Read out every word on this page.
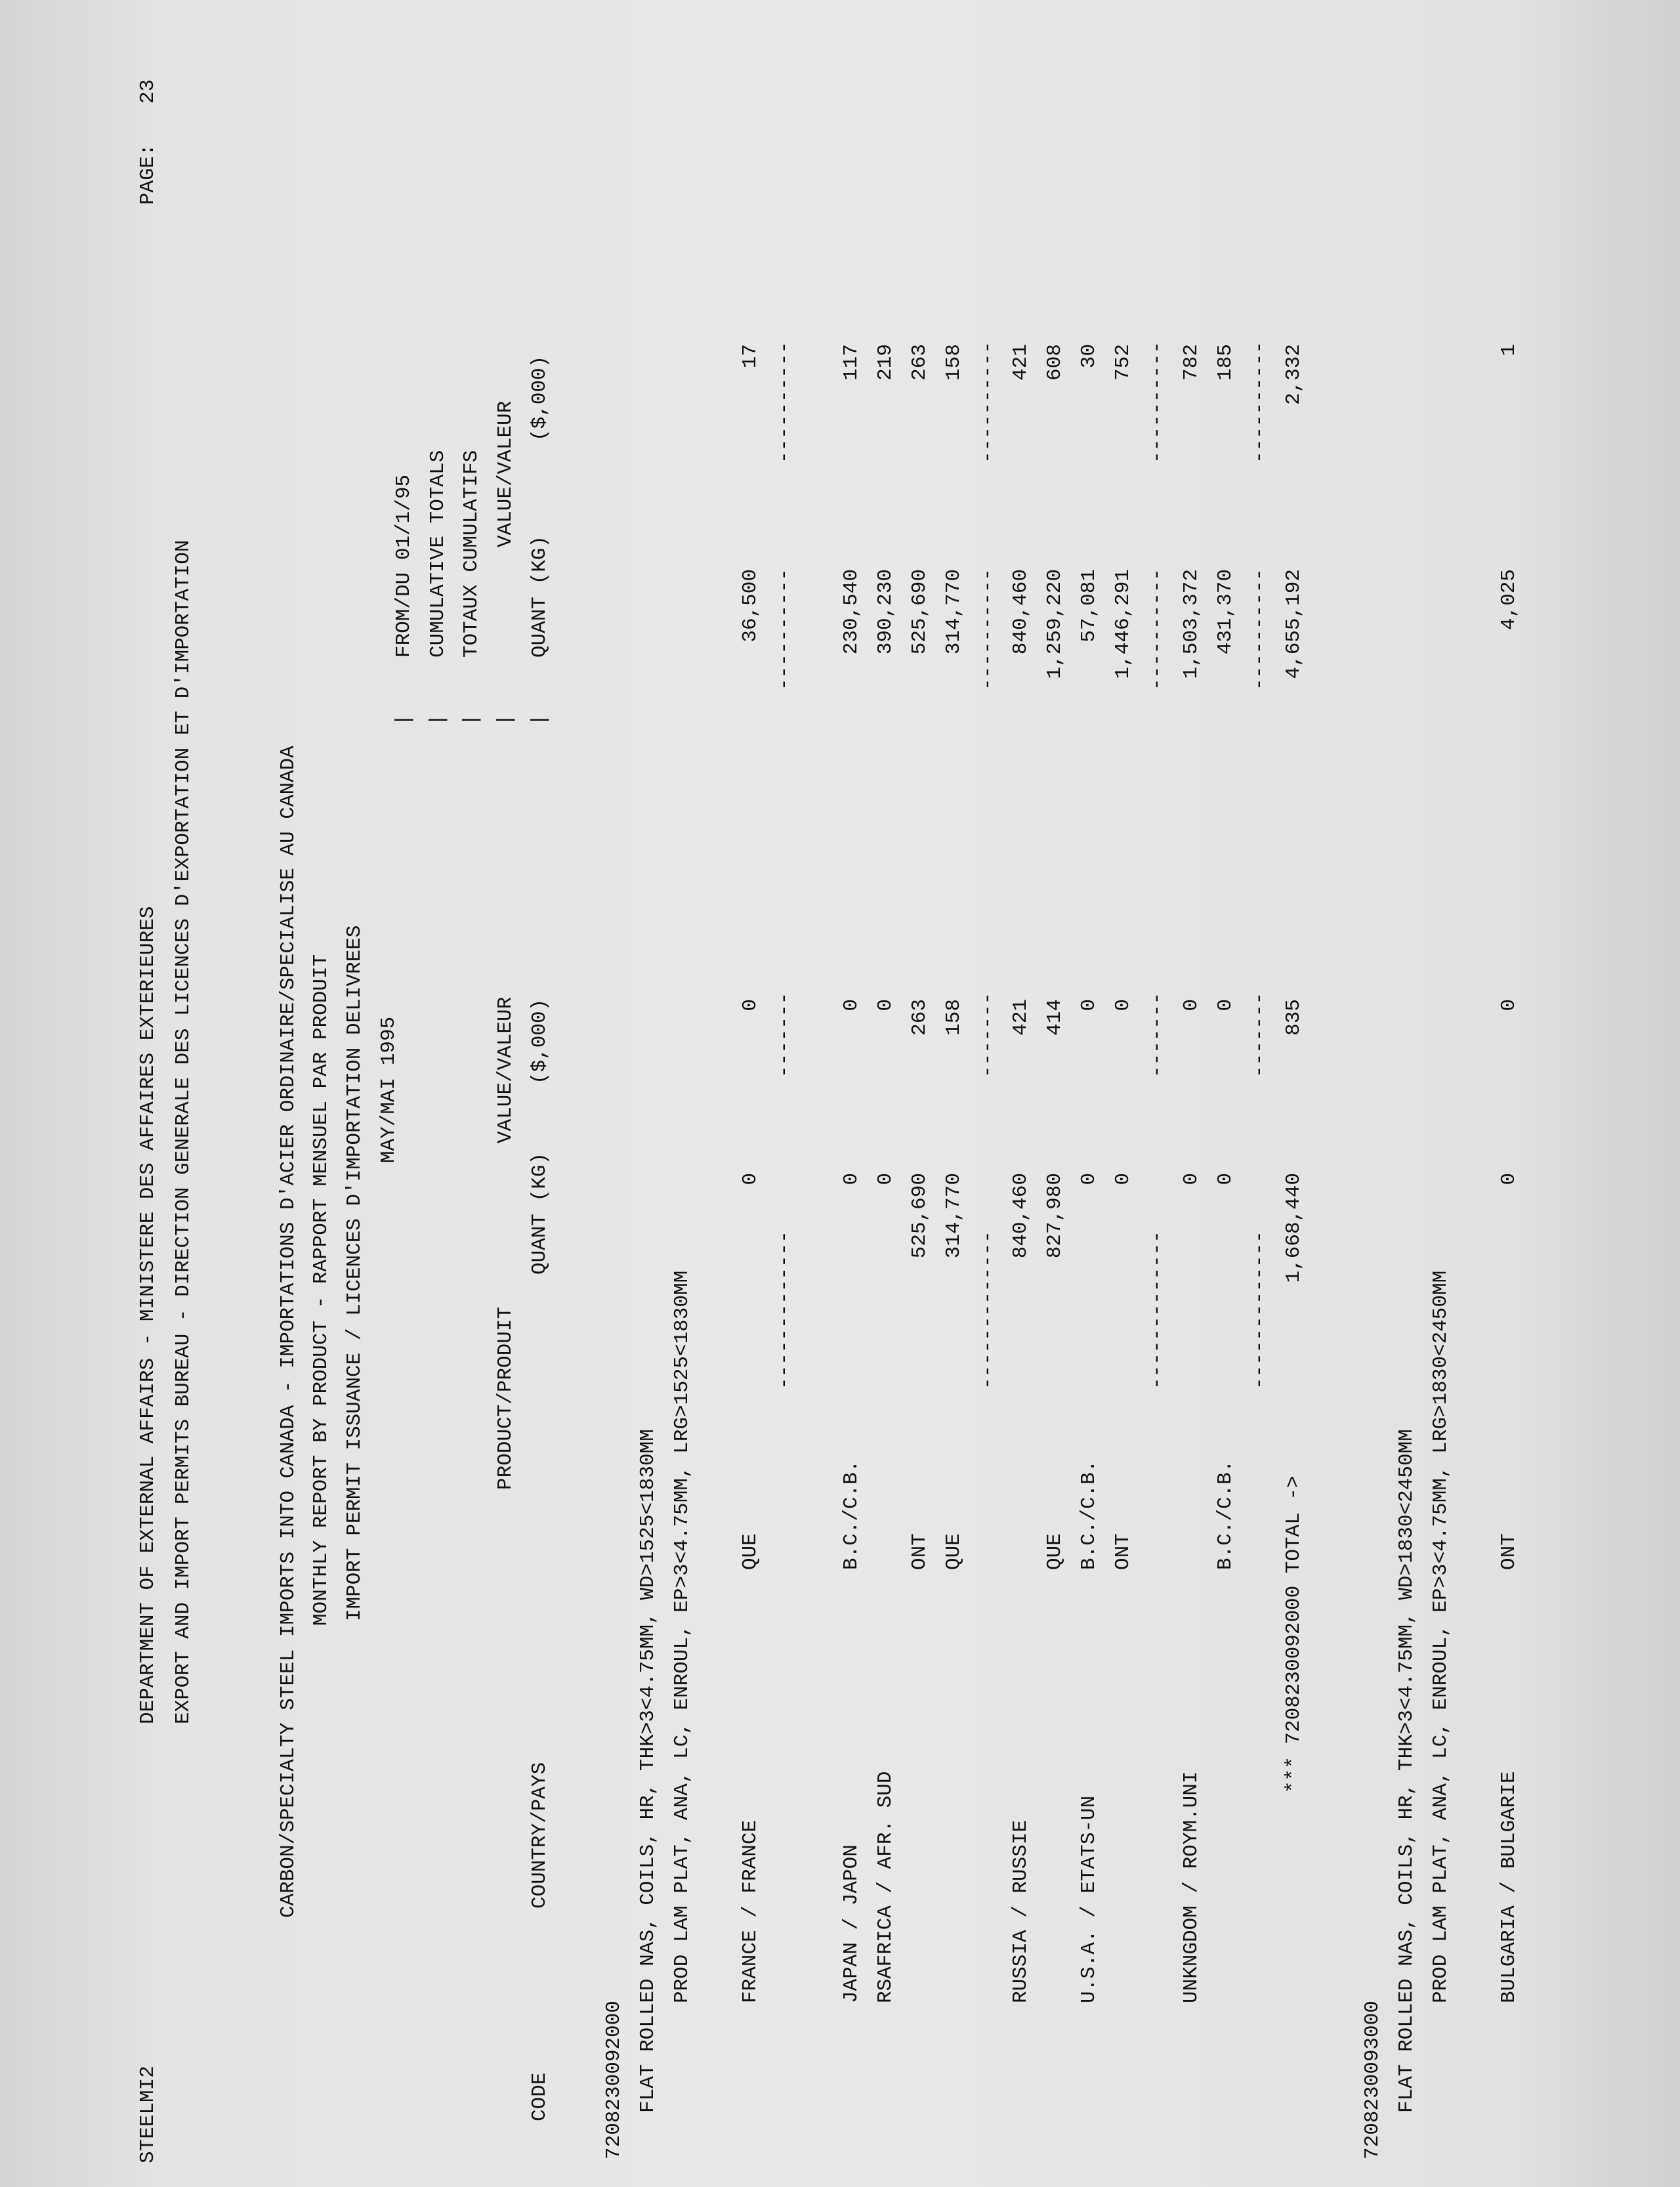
STEELMI2

DEPARTMENT OF EXTERNAL AFFAIRS - MINISTERE DES AFFAIRES EXTERIEURES

PAGE:

23

EXPORT AND IMPORT PERMITS BUREAU - DIRECTION GENERALE DES LICENCES D'EXPORTATION ET D'IMPORTATION

	CARBON/SPECIALTY STEEL IMPORTS INTO CANADA - IMPORTATIONS D'ACIER ORDINAIRE/SPECIALISE AU CANADA

MONTHLY REPORT BY PRODUCT - RAPPORT MENSUEL PAR PRODUIT

IMPORT PERMIT ISSUANCE / LICENCES D'IMPORTATION DELIVREES

MAY/MAI 1995

FROM/DU 01/1/95

CUMULATIVE TOTALS

TOTAUX CUMULATIFS

|

|

|

|

|

PRODUCT/PRODUIT

VALUE/VALEUR

VALUE/VALEUR

CODE

COUNTRY/PAYS

QUANT (KG)

($,000)

QUANT (KG)

($,000)

7208230092000

FLAT ROLLED NAS, COILS, HR, THK>3<4.75MM, WD>1525<1830MM

PROD LAM PLAT, ANA, LC, ENROUL, EP>3<4.75MM, LRG>1525<1830MM

FRANCE / FRANCE
QUE
0
0
36,500
17
-------------
-------
----------
----------
JAPAN / JAPON
B.C./C.B.
0
0
230,540
117
RSAFRICA / AFR. SUD
0
0
390,230
219
ONT
525,690
263
525,690
263
QUE
314,770
158
314,770
158
-------------
-------
----------
----------
RUSSIA / RUSSIE
840,460
421
840,460
421
QUE
827,980
414
1,259,220
608
U.S.A. / ETATS-UN
B.C./C.B.
0
0
57,081
30
ONT
0
0
1,446,291
752
-------------
-------
----------
----------
UNKNGDOM / ROYM.UNI
0
0
1,503,372
782
B.C./C.B.
0
0
431,370
185
-------------
-------
----------
----------
*** 7208230092000 TOTAL ->
1,668,440
835
4,655,192
2,332

7208230093000

FLAT ROLLED NAS, COILS, HR, THK>3<4.75MM, WD>1830<2450MM

PROD LAM PLAT, ANA, LC, ENROUL, EP>3<4.75MM, LRG>1830<2450MM

BULGARIA / BULGARIE
ONT
0
0
4,025
1
